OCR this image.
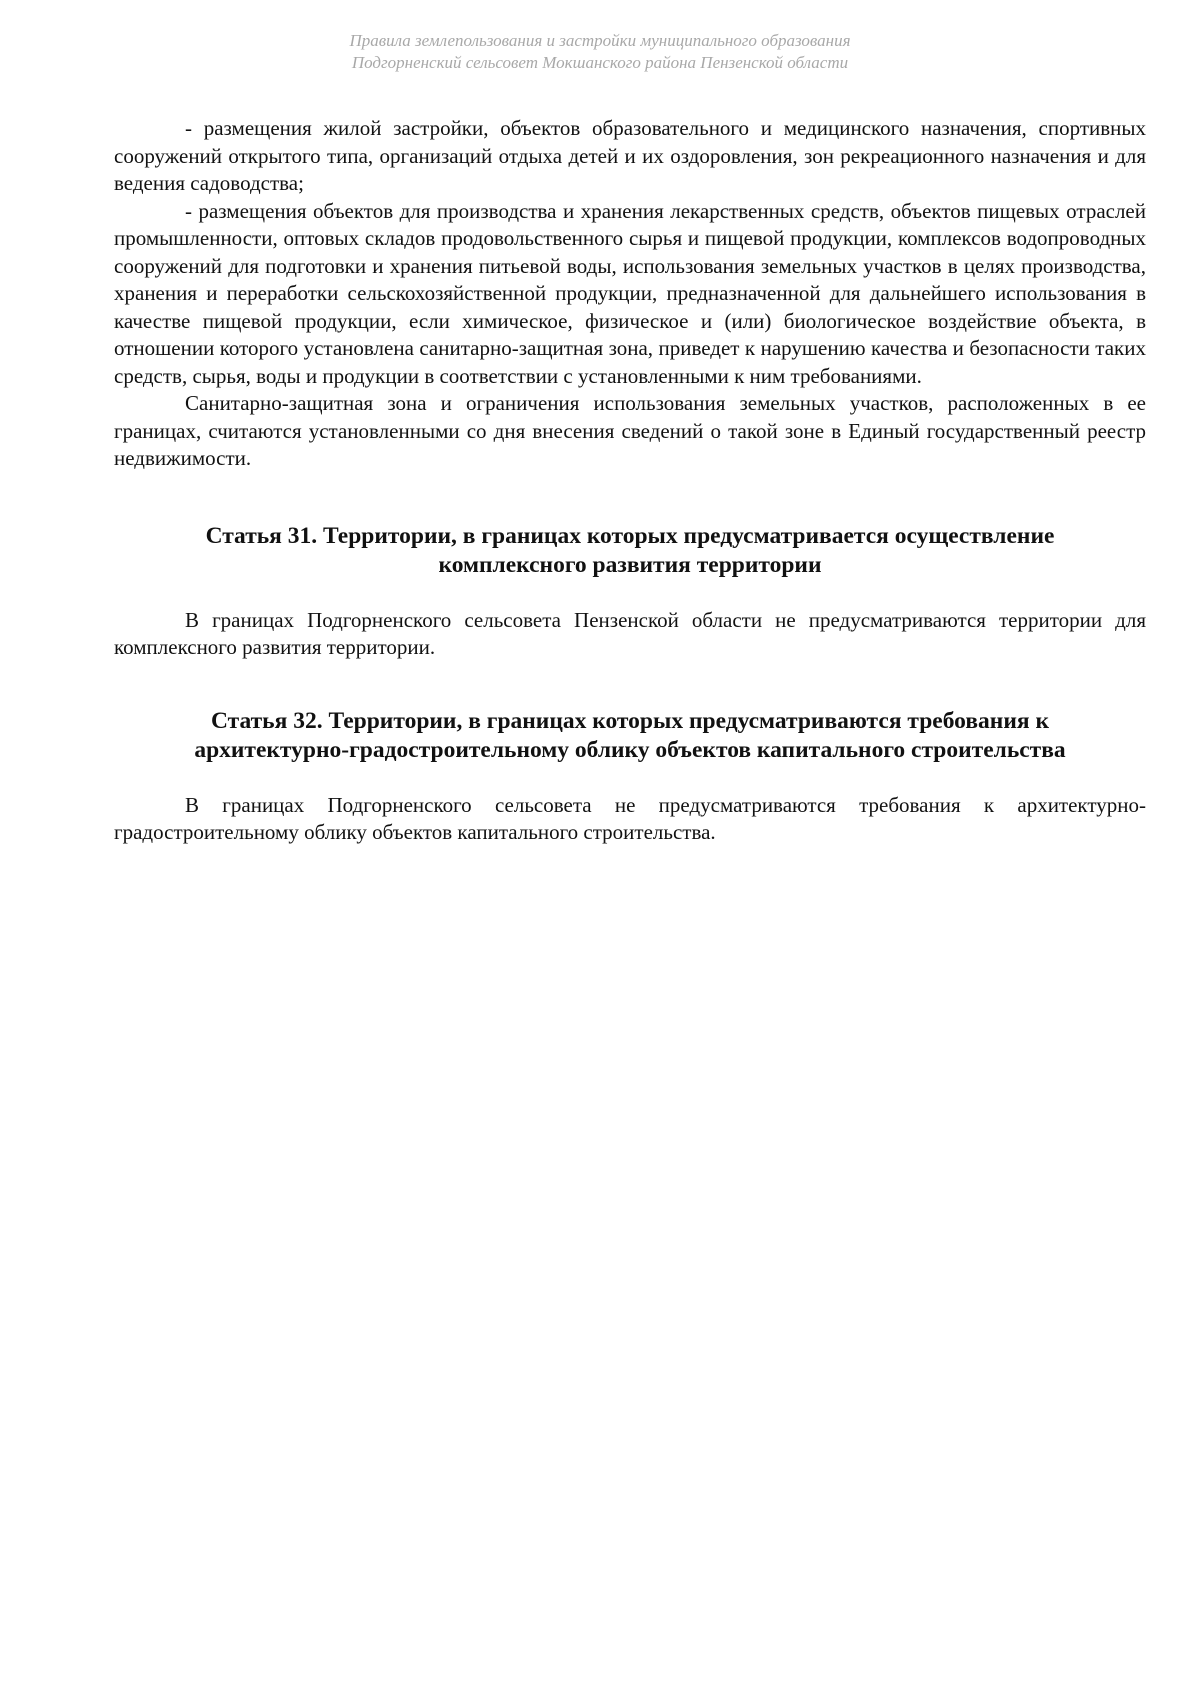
Правила землепользования и застройки муниципального образования
Подгорненский сельсовет Мокшанского района Пензенской области

- размещения жилой застройки, объектов образовательного и медицинского назначения, спортивных сооружений открытого типа, организаций отдыха детей и их оздоровления, зон рекреационного назначения и для ведения садоводства;

- размещения объектов для производства и хранения лекарственных средств, объектов пищевых отраслей промышленности, оптовых складов продовольственного сырья и пищевой продукции, комплексов водопроводных сооружений для подготовки и хранения питьевой воды, использования земельных участков в целях производства, хранения и переработки сельскохозяйственной продукции, предназначенной для дальнейшего использования в качестве пищевой продукции, если химическое, физическое и (или) биологическое воздействие объекта, в отношении которого установлена санитарно-защитная зона, приведет к нарушению качества и безопасности таких средств, сырья, воды и продукции в соответствии с установленными к ним требованиями.

Санитарно-защитная зона и ограничения использования земельных участков, расположенных в ее границах, считаются установленными со дня внесения сведений о такой зоне в Единый государственный реестр недвижимости.

Статья 31. Территории, в границах которых предусматривается осуществление
комплексного развития территории

В границах Подгорненского сельсовета Пензенской области не предусматриваются территории для комплексного развития территории.

Статья 32. Территории, в границах которых предусматриваются требования к
архитектурно-градостроительному облику объектов капитального строительства

В границах Подгорненского сельсовета не предусматриваются требования к архитектурно-градостроительному облику объектов капитального строительства.
